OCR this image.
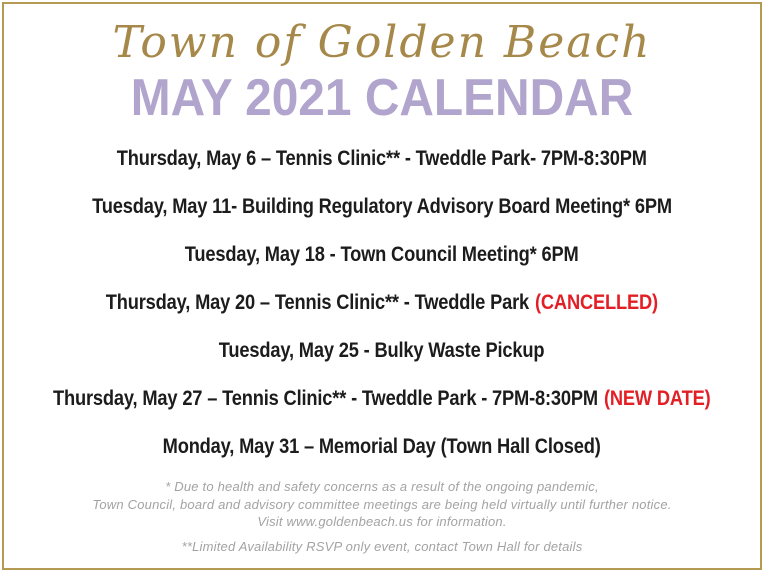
Town of Golden Beach
MAY 2021 CALENDAR
Thursday, May 6 – Tennis Clinic** - Tweddle Park- 7PM-8:30PM
Tuesday, May 11- Building Regulatory Advisory Board Meeting* 6PM
Tuesday, May 18 - Town Council Meeting* 6PM
Thursday, May 20 – Tennis Clinic** - Tweddle Park (CANCELLED)
Tuesday, May 25 - Bulky Waste Pickup
Thursday, May 27 – Tennis Clinic** - Tweddle Park - 7PM-8:30PM (NEW DATE)
Monday, May 31 – Memorial Day (Town Hall Closed)
* Due to health and safety concerns as a result of the ongoing pandemic,
Town Council, board and advisory committee meetings are being held virtually until further notice.
Visit www.goldenbeach.us for information.
**Limited Availability RSVP only event, contact Town Hall for details
